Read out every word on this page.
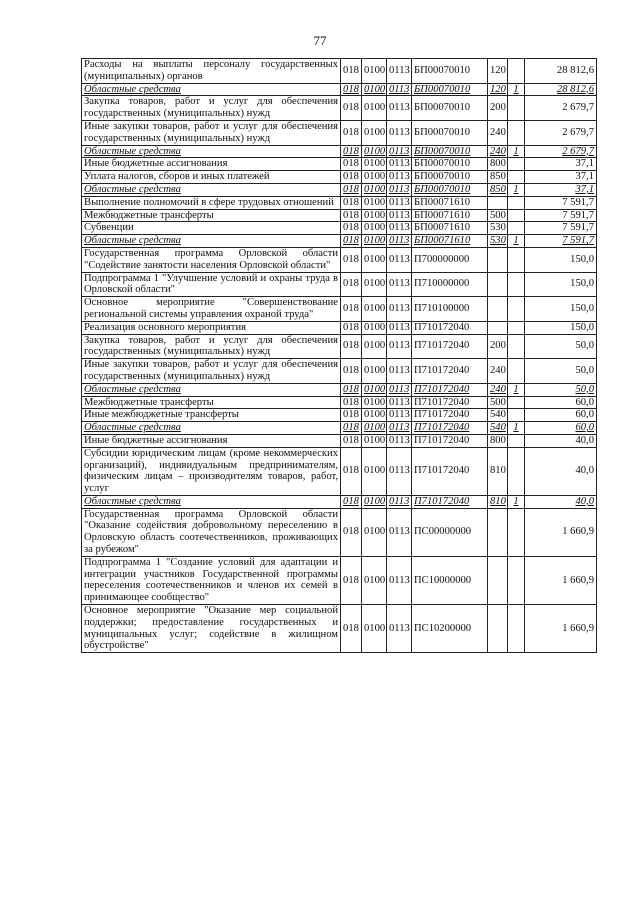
77
Расходы на выплаты персоналу государственных (муниципальных) органов	018	0100	0113	БП00070010	120		28 812,6
Областные средства	018	0100	0113	БП00070010	120	1	28 812,6
Закупка товаров, работ и услуг для обеспечения государственных (муниципальных) нужд	018	0100	0113	БП00070010	200		2 679,7
Иные закупки товаров, работ и услуг для обеспечения государственных (муниципальных) нужд	018	0100	0113	БП00070010	240		2 679,7
Областные средства	018	0100	0113	БП00070010	240	1	2 679,7
Иные бюджетные ассигнования	018	0100	0113	БП00070010	800		37,1
Уплата налогов, сборов и иных платежей	018	0100	0113	БП00070010	850		37,1
Областные средства	018	0100	0113	БП00070010	850	1	37,1
Выполнение полномочий в сфере трудовых отношений	018	0100	0113	БП00071610			7 591,7
Межбюджетные трансферты	018	0100	0113	БП00071610	500		7 591,7
Субвенции	018	0100	0113	БП00071610	530		7 591,7
Областные средства	018	0100	0113	БП00071610	530	1	7 591,7
Государственная программа Орловской области "Содействие занятости населения Орловской области"	018	0100	0113	П700000000			150,0
Подпрограмма 1 "Улучшение условий и охраны труда в Орловской области"	018	0100	0113	П710000000			150,0
Основное мероприятие "Совершенствование региональной системы управления охраной труда"	018	0100	0113	П710100000			150,0
Реализация основного мероприятия	018	0100	0113	П710172040			150,0
Закупка товаров, работ и услуг для обеспечения государственных (муниципальных) нужд	018	0100	0113	П710172040	200		50,0
Иные закупки товаров, работ и услуг для обеспечения государственных (муниципальных) нужд	018	0100	0113	П710172040	240		50,0
Областные средства	018	0100	0113	П710172040	240	1	50,0
Межбюджетные трансферты	018	0100	0113	П710172040	500		60,0
Иные межбюджетные трансферты	018	0100	0113	П710172040	540		60,0
Областные средства	018	0100	0113	П710172040	540	1	60,0
Иные бюджетные ассигнования	018	0100	0113	П710172040	800		40,0
Субсидии юридическим лицам (кроме некоммерческих организаций), индивидуальным предпринимателям, физическим лицам – производителям товаров, работ, услуг	018	0100	0113	П710172040	810		40,0
Областные средства	018	0100	0113	П710172040	810	1	40,0
Государственная программа Орловской области "Оказание содействия добровольному переселению в Орловскую область соотечественников, проживающих за рубежом"	018	0100	0113	ПС00000000			1 660,9
Подпрограмма 1 "Создание условий для адаптации и интеграции участников Государственной программы переселения соотечественников и членов их семей в принимающее сообщество"	018	0100	0113	ПС10000000			1 660,9
Основное мероприятие "Оказание мер социальной поддержки; предоставление государственных и муниципальных услуг; содействие в жилищном обустройстве"	018	0100	0113	ПС10200000			1 660,9
